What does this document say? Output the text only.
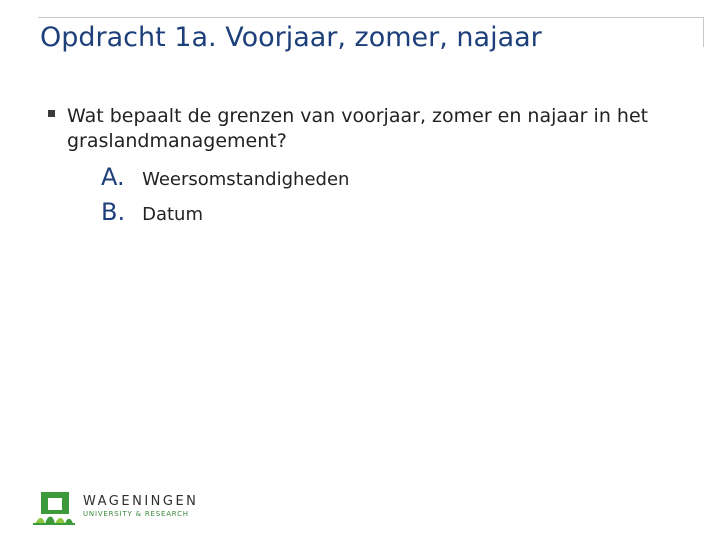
Opdracht 1a. Voorjaar, zomer, najaar
Wat bepaalt de grenzen van voorjaar, zomer en najaar in het graslandmanagement?
A. Weersomstandigheden
B. Datum
WAGENINGEN
UNIVERSITY & RESEARCH
